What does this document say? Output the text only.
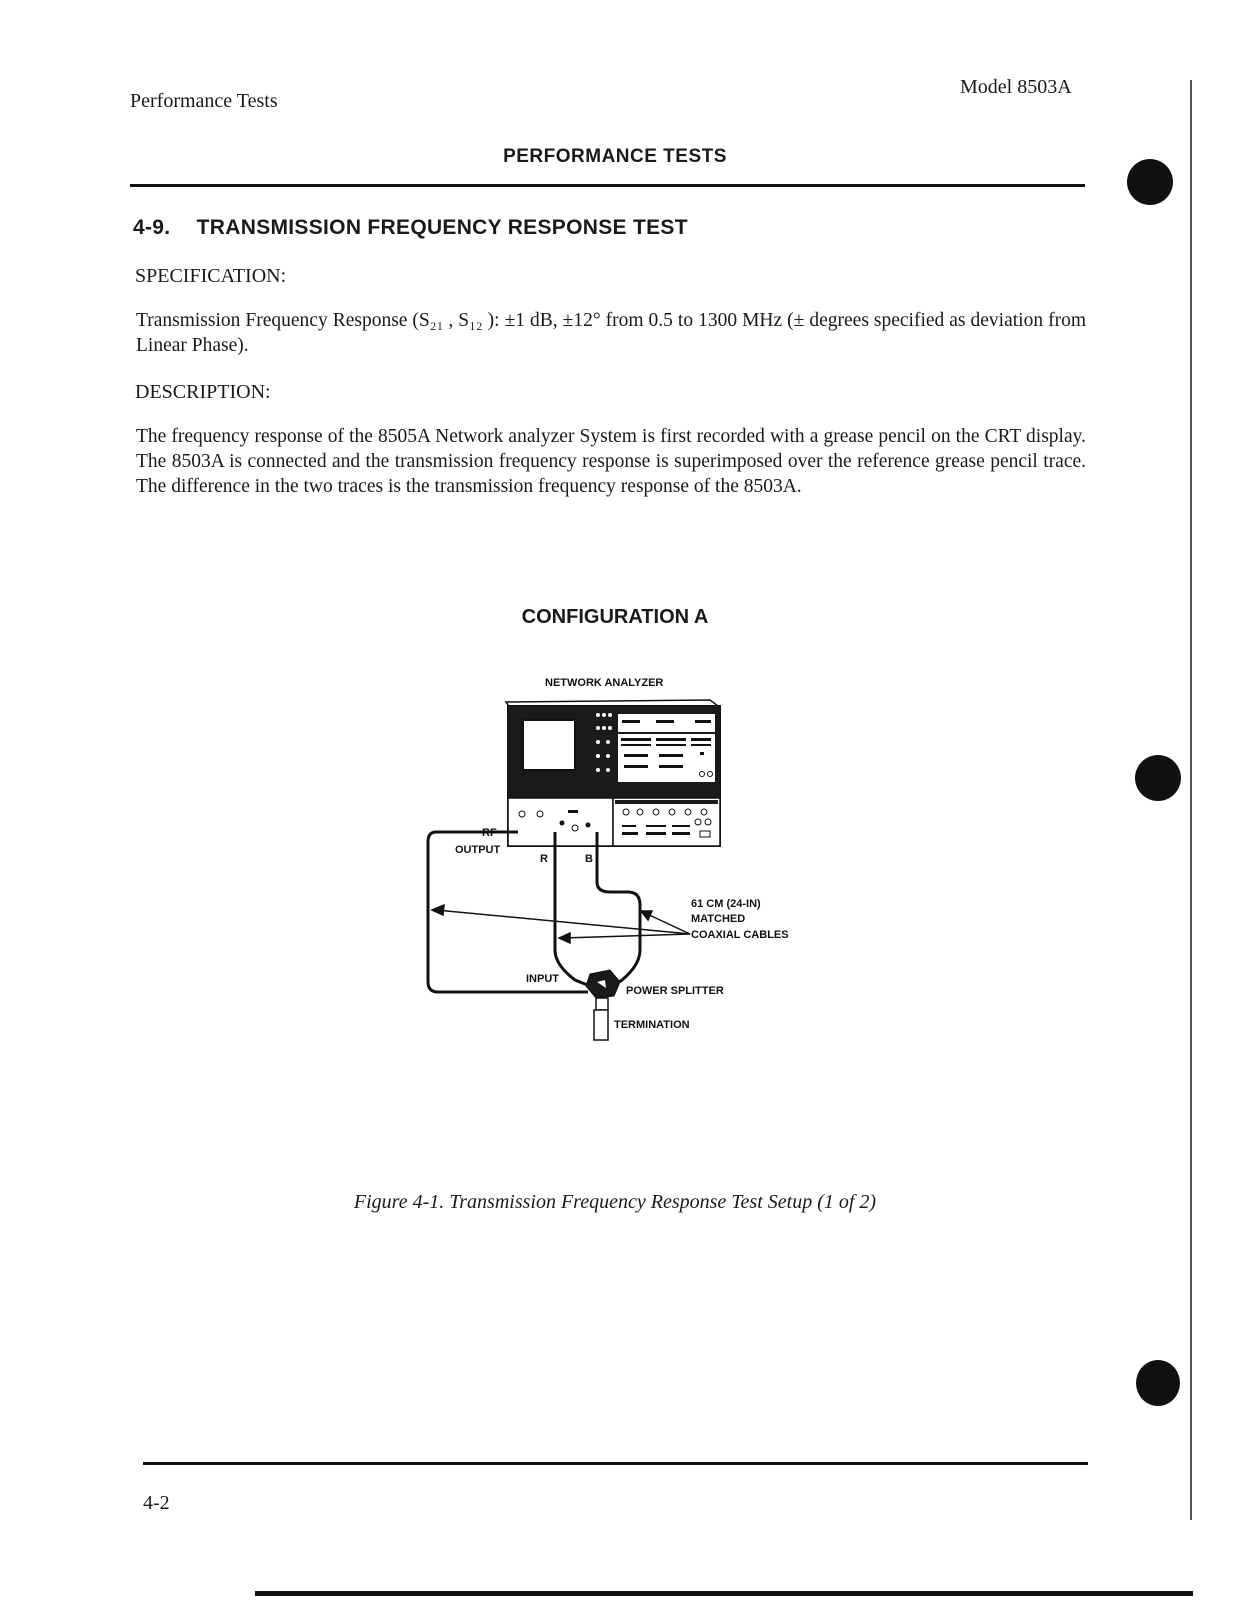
Performance Tests
Model 8503A
PERFORMANCE TESTS
4-9. TRANSMISSION FREQUENCY RESPONSE TEST
SPECIFICATION:
Transmission Frequency Response (S₂₁ , S₁₂ ): ±1 dB, ±12° from 0.5 to 1300 MHz (± degrees specified as deviation from Linear Phase).
DESCRIPTION:
The frequency response of the 8505A Network analyzer System is first recorded with a grease pencil on the CRT display. The 8503A is connected and the transmission frequency response is superimposed over the reference grease pencil trace. The difference in the two traces is the transmission frequency response of the 8503A.
CONFIGURATION A
NETWORK ANALYZER
RF
OUTPUT
R	B
61 CM (24-IN)
MATCHED
COAXIAL CABLES
INPUT
POWER SPLITTER
TERMINATION
Figure 4-1. Transmission Frequency Response Test Setup (1 of 2)
4-2
